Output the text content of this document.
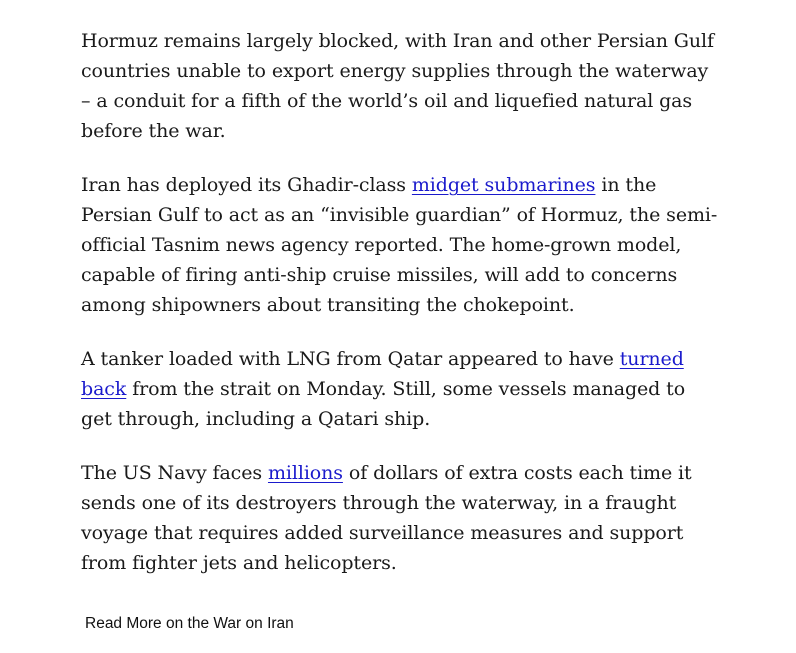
Hormuz remains largely blocked, with Iran and other Persian Gulf countries unable to export energy supplies through the waterway – a conduit for a fifth of the world’s oil and liquefied natural gas before the war.

Iran has deployed its Ghadir-class midget submarines in the Persian Gulf to act as an “invisible guardian” of Hormuz, the semi-official Tasnim news agency reported. The home-grown model, capable of firing anti-ship cruise missiles, will add to concerns among shipowners about transiting the chokepoint.

A tanker loaded with LNG from Qatar appeared to have turned back from the strait on Monday. Still, some vessels managed to get through, including a Qatari ship.

The US Navy faces millions of dollars of extra costs each time it sends one of its destroyers through the waterway, in a fraught voyage that requires added surveillance measures and support from fighter jets and helicopters.

Read More on the War on Iran
